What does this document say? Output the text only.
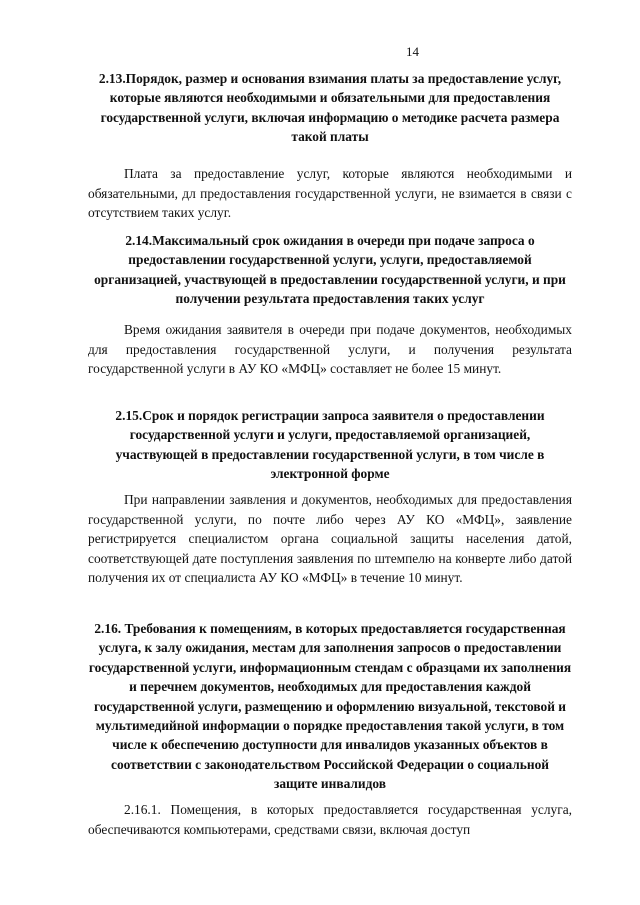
14
2.13.Порядок, размер и основания взимания платы за предоставление услуг, которые являются необходимыми и обязательными для предоставления государственной услуги, включая информацию о методике расчета размера такой платы
Плата за предоставление услуг, которые являются необходимыми и обязательными, дл предоставления государственной услуги, не взимается в связи с отсутствием таких услуг.
2.14.Максимальный срок ожидания в очереди при подаче запроса о предоставлении государственной услуги, услуги, предоставляемой организацией, участвующей в предоставлении государственной услуги, и при получении результата предоставления таких услуг
Время ожидания заявителя в очереди при подаче документов, необходимых для предоставления государственной услуги, и получения результата государственной услуги в АУ КО «МФЦ» составляет не более 15 минут.
2.15.Срок и порядок регистрации запроса заявителя о предоставлении государственной услуги и услуги, предоставляемой организацией, участвующей в предоставлении государственной услуги, в том числе в электронной форме
При направлении заявления и документов, необходимых для предоставления государственной услуги, по почте либо через АУ КО «МФЦ», заявление регистрируется специалистом органа социальной защиты населения датой, соответствующей дате поступления заявления по штемпелю на конверте либо датой получения их от специалиста АУ КО «МФЦ» в течение 10 минут.
2.16. Требования к помещениям, в которых предоставляется государственная услуга, к залу ожидания, местам для заполнения запросов о предоставлении государственной услуги, информационным стендам с образцами их заполнения и перечнем документов, необходимых для предоставления каждой государственной услуги, размещению и оформлению визуальной, текстовой и мультимедийной информации о порядке предоставления такой услуги, в том числе к обеспечению доступности для инвалидов указанных объектов в соответствии с законодательством Российской Федерации о социальной защите инвалидов
2.16.1. Помещения, в которых предоставляется государственная услуга, обеспечиваются компьютерами, средствами связи, включая доступ
